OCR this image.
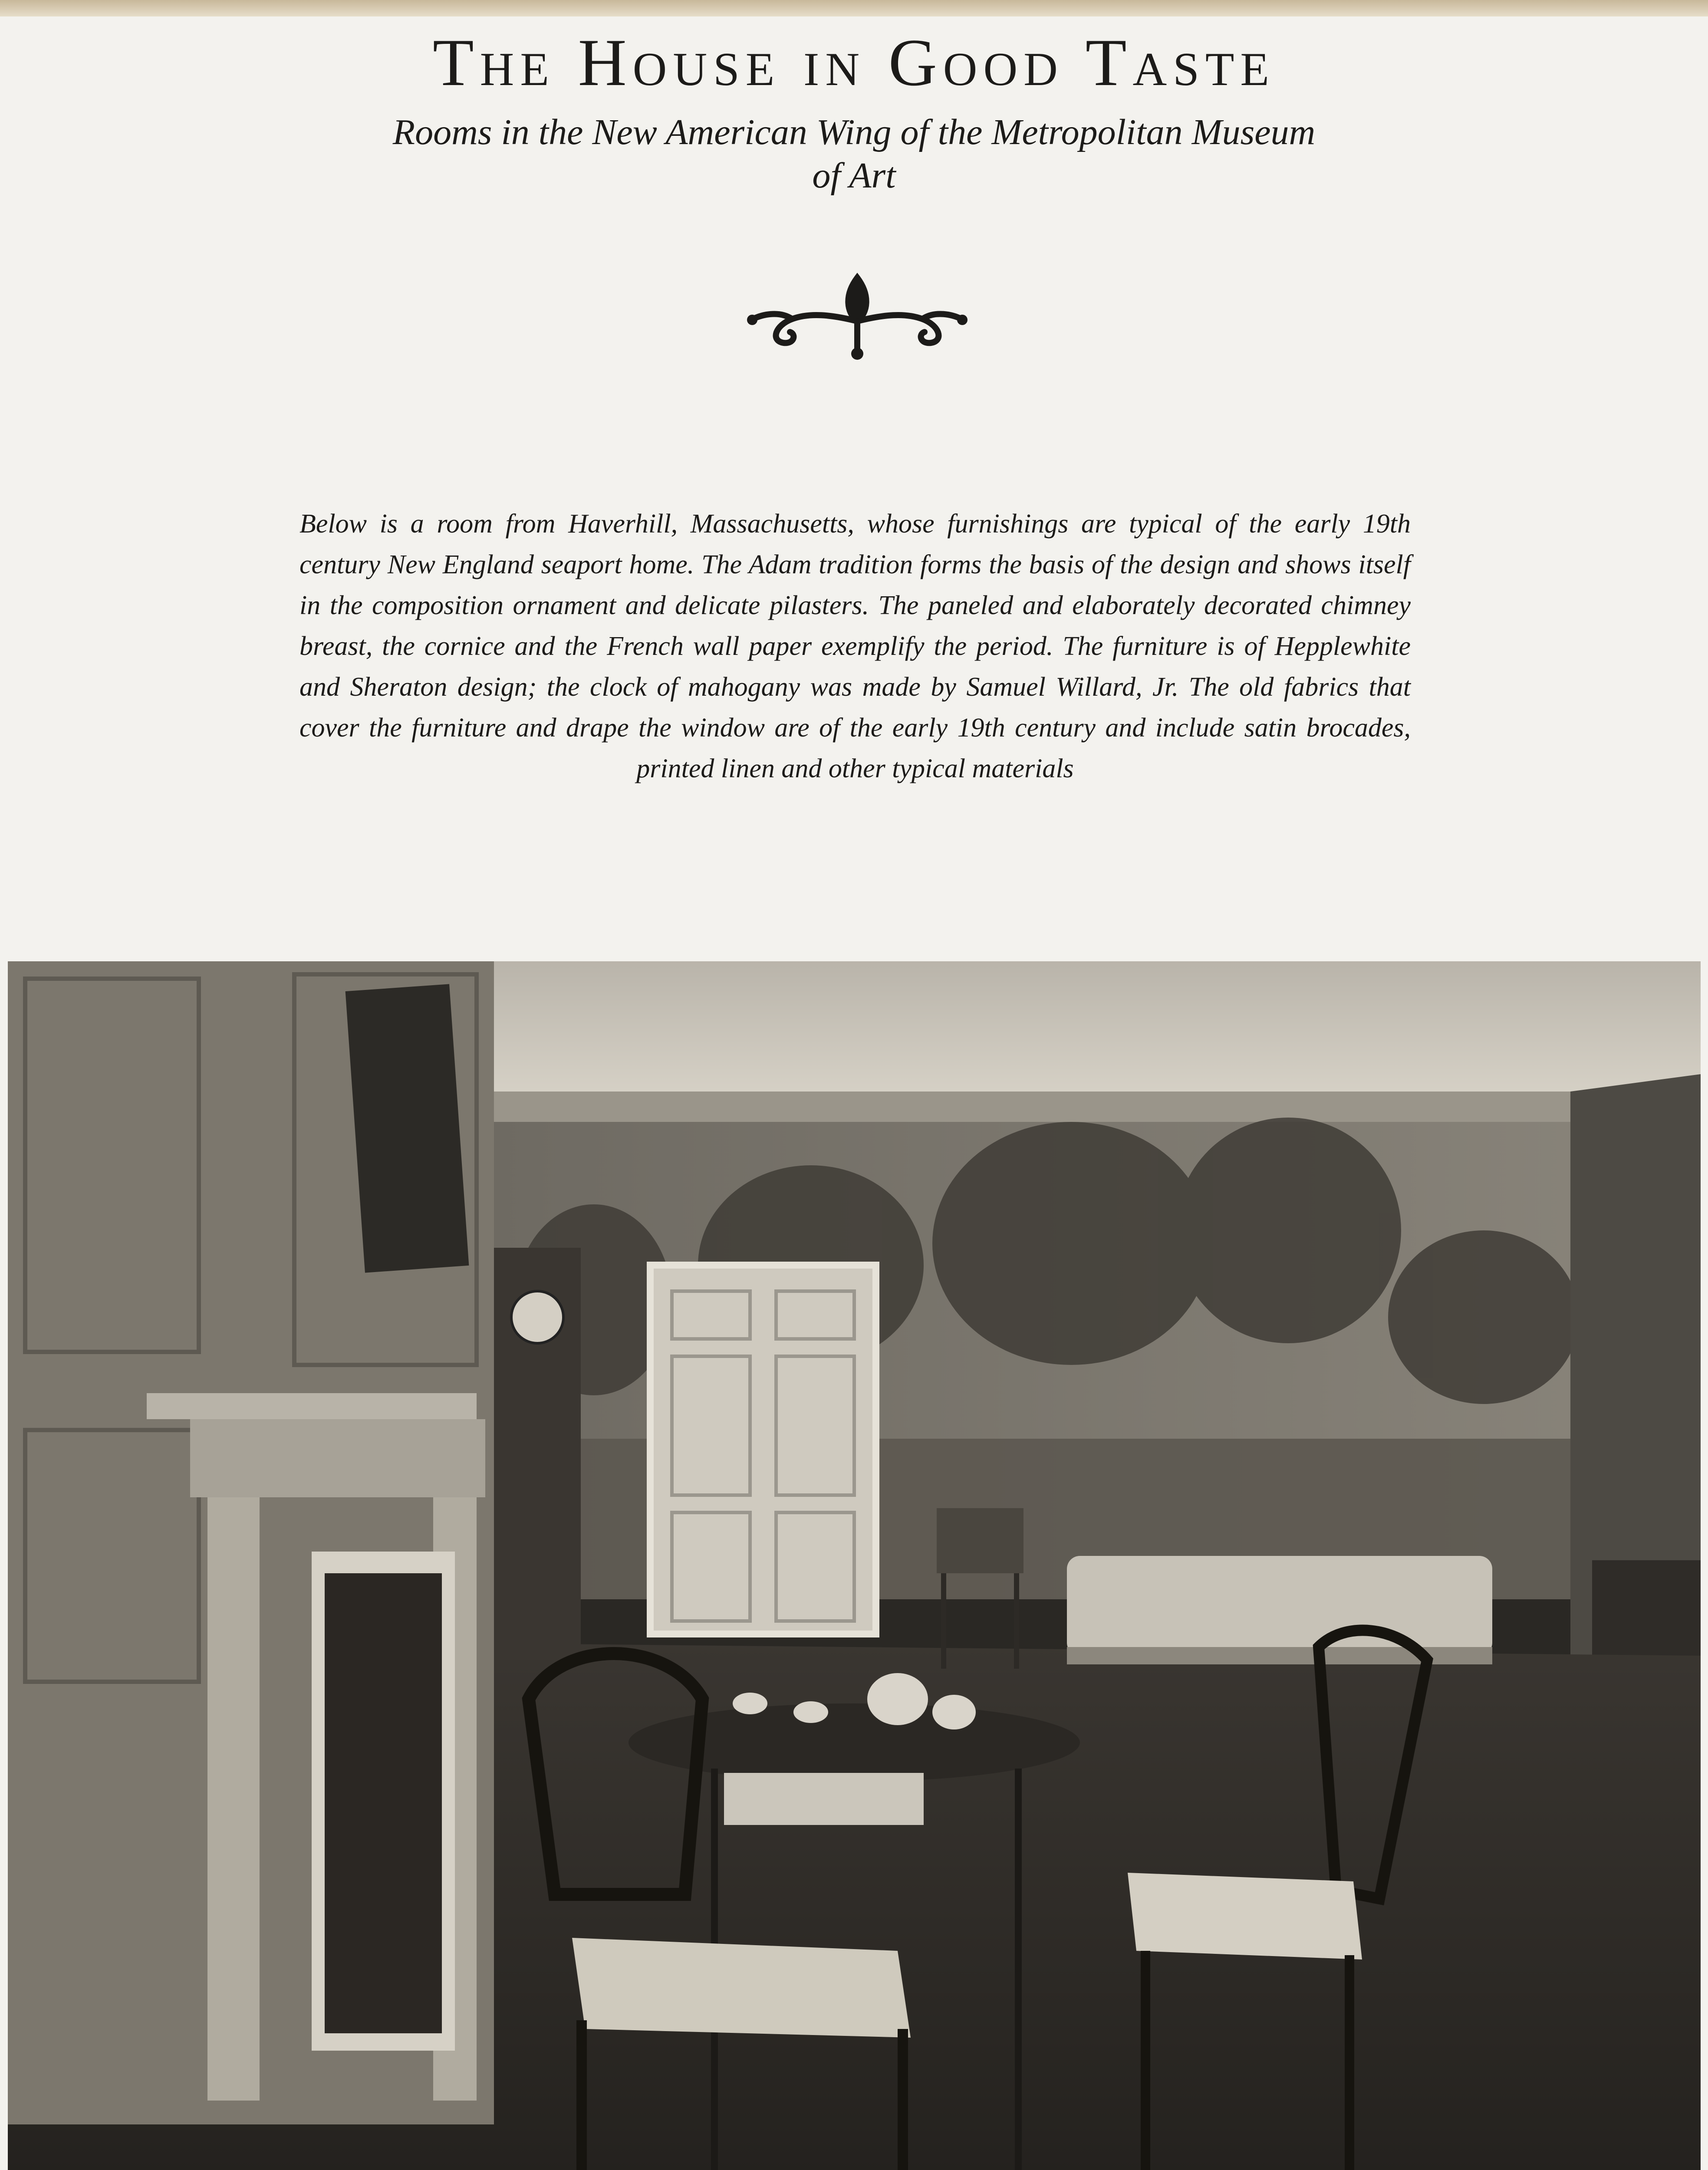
The House in Good Taste
Rooms in the New American Wing of the Metropolitan Museum of Art
Below is a room from Haverhill, Massachusetts, whose furnishings are typical of the early 19th century New England seaport home. The Adam tradition forms the basis of the design and shows itself in the composition ornament and delicate pilasters. The paneled and elaborately decorated chimney breast, the cornice and the French wall paper exemplify the period. The furniture is of Hepplewhite and Sheraton design; the clock of mahogany was made by Samuel Willard, Jr. The old fabrics that cover the furniture and drape the window are of the early 19th century and include satin brocades, printed linen and other typical materials
